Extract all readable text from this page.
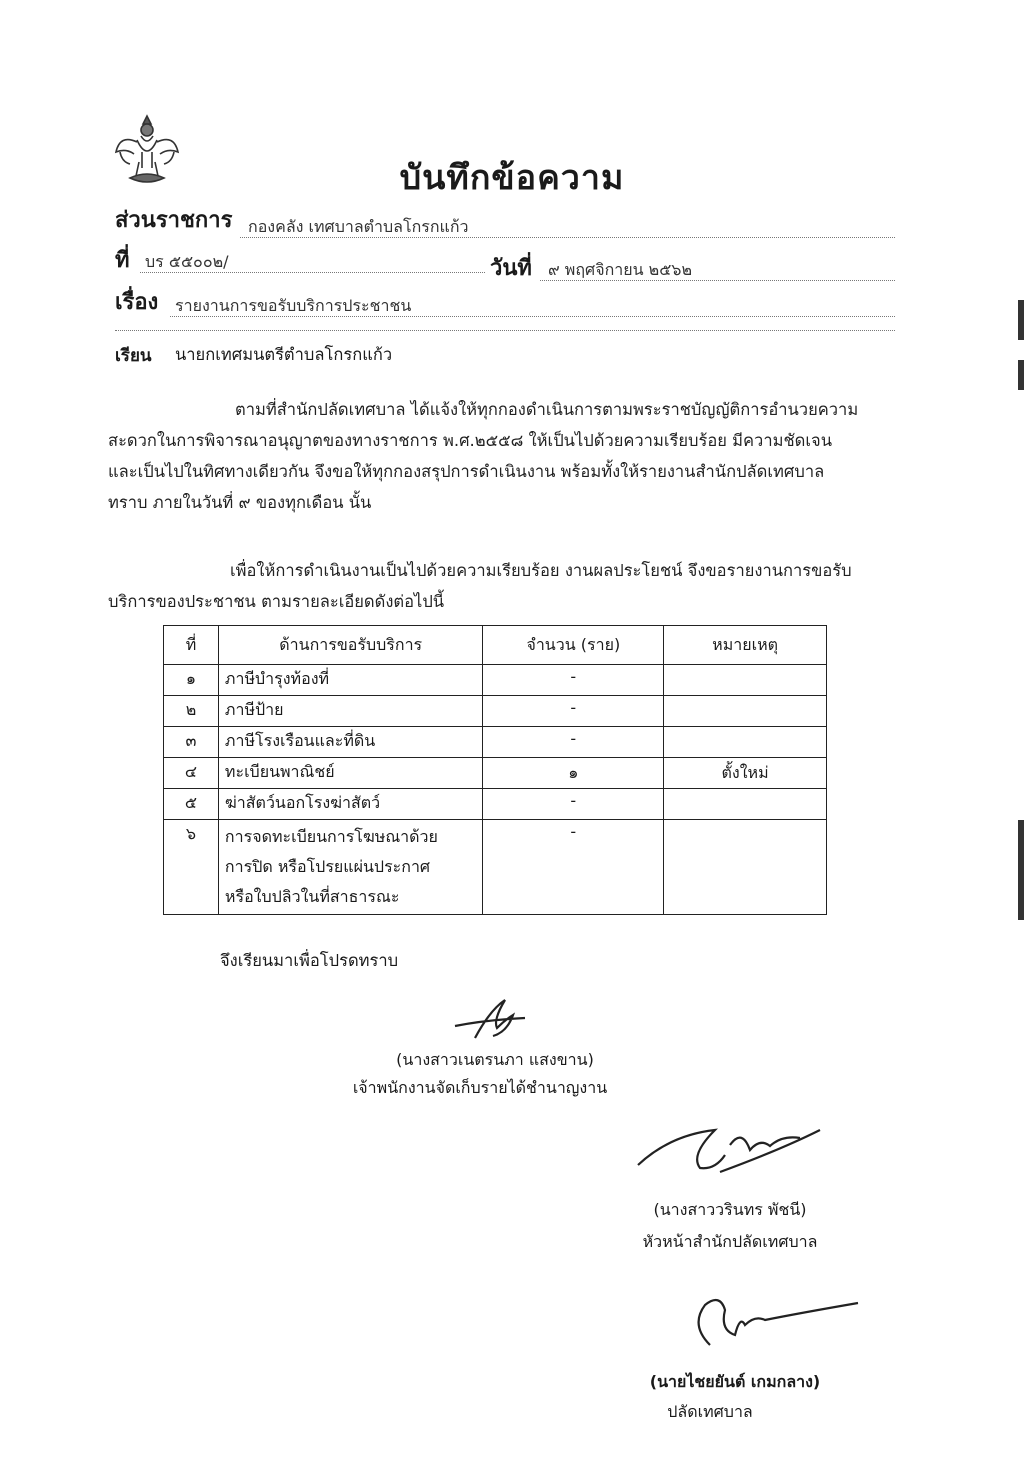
บันทึกข้อความ
ส่วนราชการ กองคลัง เทศบาลตำบลโกรกแก้ว
ที่ บร ๕๕๐๐๒/	วันที่ ๙ พฤศจิกายน ๒๕๖๒
เรื่อง รายงานการขอรับบริการประชาชน
เรียน นายกเทศมนตรีตำบลโกรกแก้ว
ตามที่สำนักปลัดเทศบาล ได้แจ้งให้ทุกกองดำเนินการตามพระราชบัญญัติการอำนวยความ
สะดวกในการพิจารณาอนุญาตของทางราชการ พ.ศ.๒๕๕๘ ให้เป็นไปด้วยความเรียบร้อย มีความชัดเจน
และเป็นไปในทิศทางเดียวกัน จึงขอให้ทุกกองสรุปการดำเนินงาน พร้อมทั้งให้รายงานสำนักปลัดเทศบาล
ทราบ ภายในวันที่ ๙ ของทุกเดือน นั้น
เพื่อให้การดำเนินงานเป็นไปด้วยความเรียบร้อย งานผลประโยชน์ จึงขอรายงานการขอรับ
บริการของประชาชน ตามรายละเอียดดังต่อไปนี้
ที่	ด้านการขอรับบริการ	จำนวน (ราย)	หมายเหตุ
๑	ภาษีบำรุงท้องที่	-	
๒	ภาษีป้าย	-	
๓	ภาษีโรงเรือนและที่ดิน	-	
๔	ทะเบียนพาณิชย์	๑	ตั้งใหม่
๕	ฆ่าสัตว์นอกโรงฆ่าสัตว์	-	
๖	การจดทะเบียนการโฆษณาด้วย
การปิด หรือโปรยแผ่นประกาศ
หรือใบปลิวในที่สาธารณะ	-	
จึงเรียนมาเพื่อโปรดทราบ
(นางสาวเนตรนภา แสงขาน)
เจ้าพนักงานจัดเก็บรายได้ชำนาญงาน
(นางสาววรินทร พัชนี)
หัวหน้าสำนักปลัดเทศบาล
(นายไชยยันต์ เกมกลาง)
ปลัดเทศบาล
